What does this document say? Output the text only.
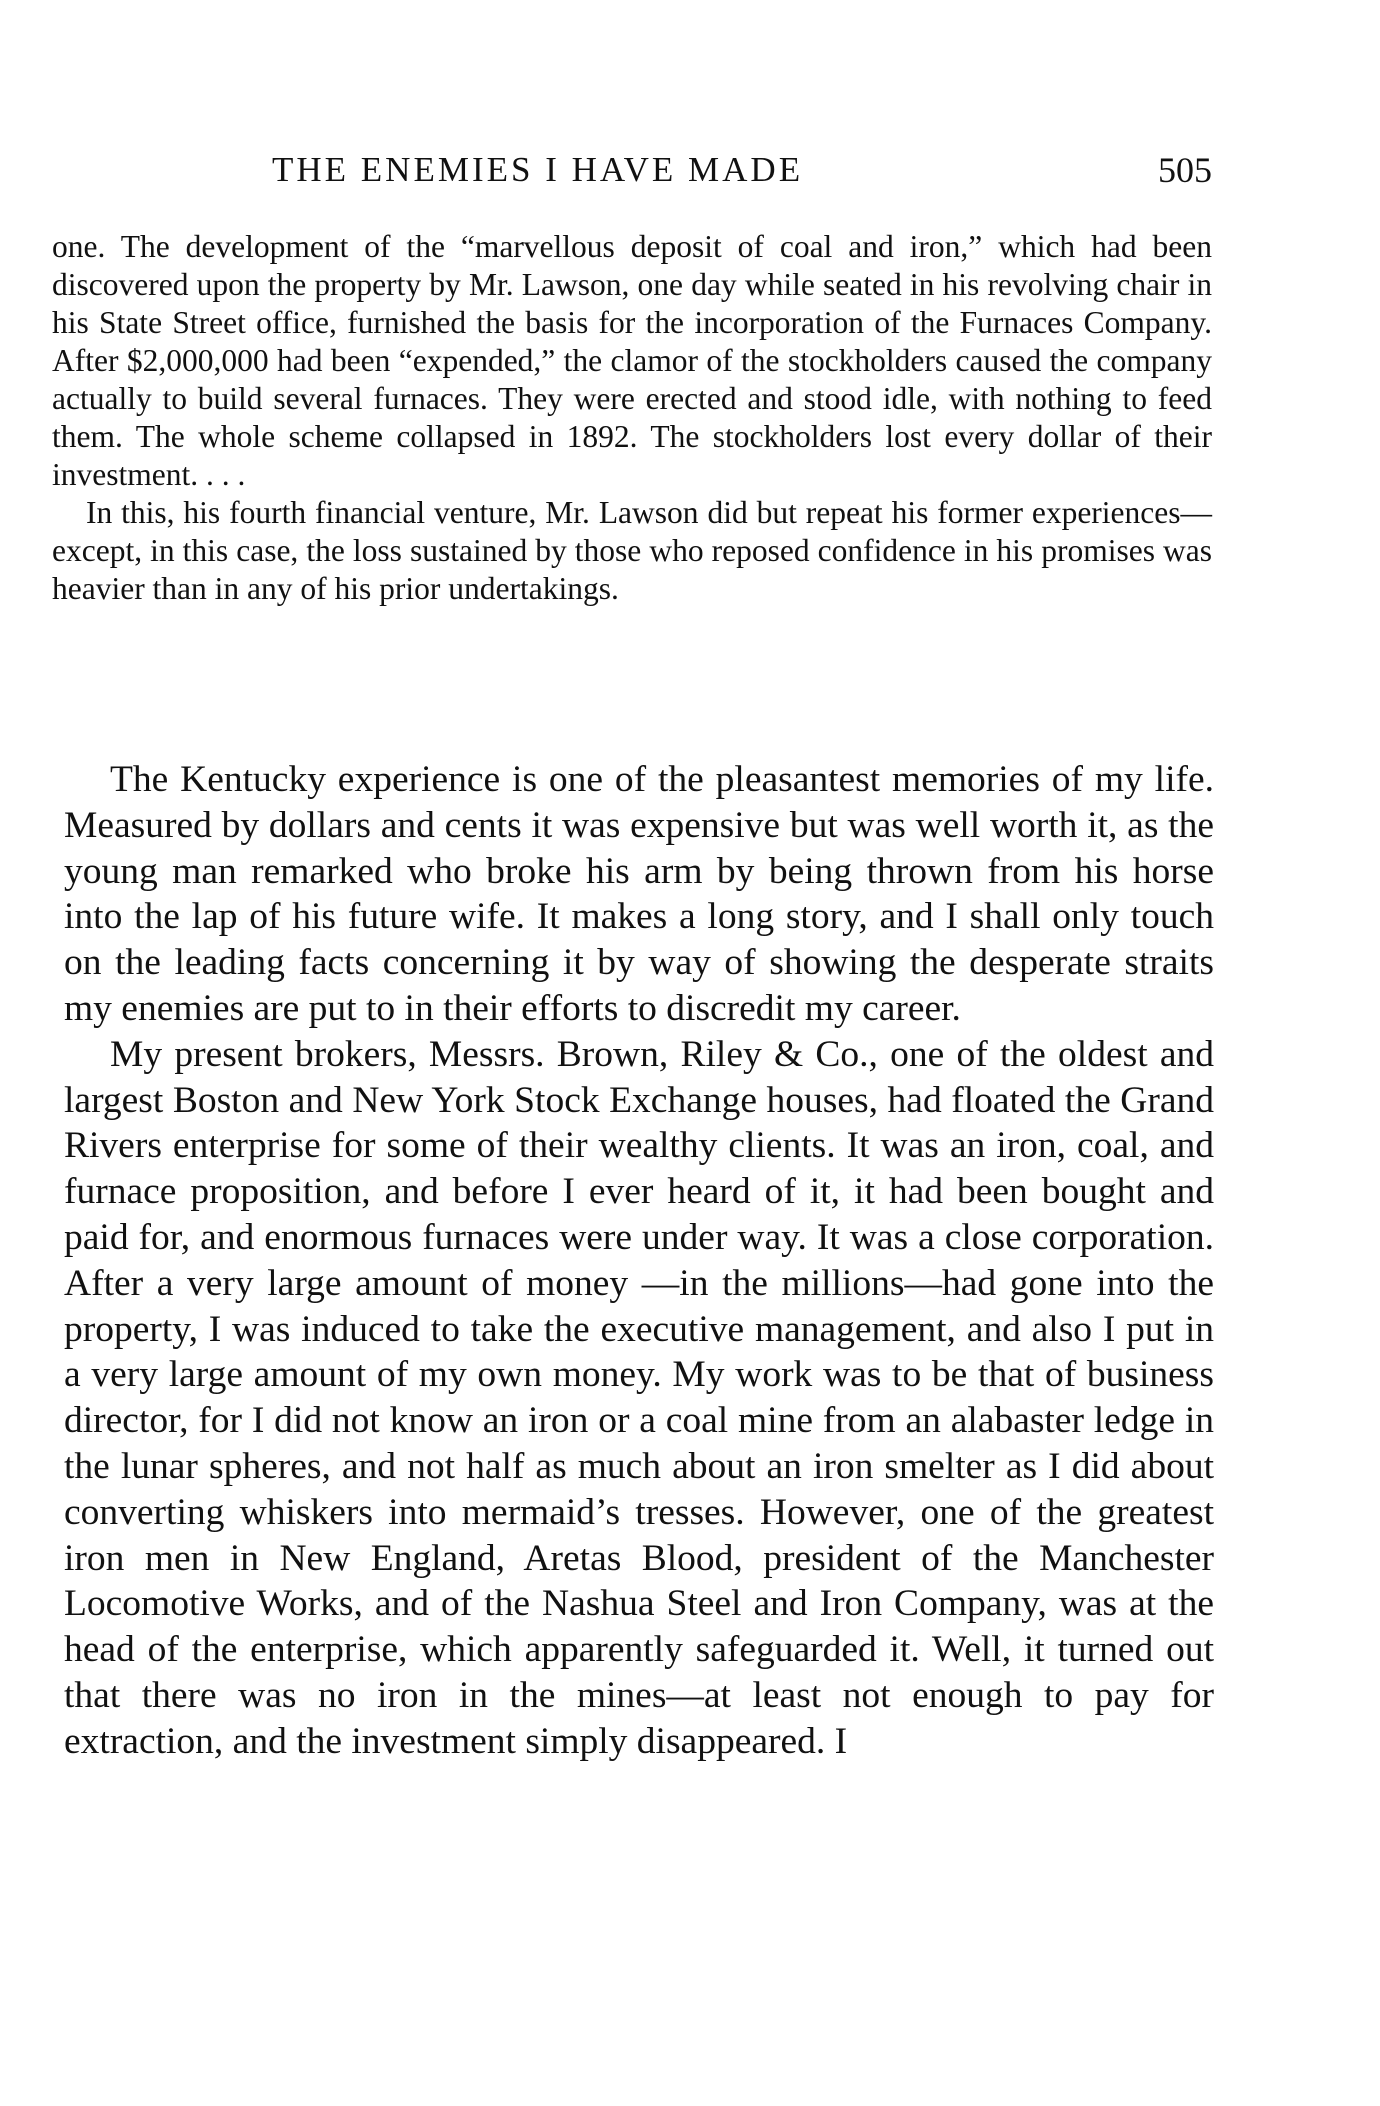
THE ENEMIES I HAVE MADE	505

one. The development of the “marvellous deposit of coal and iron,” which had been discovered upon the property by Mr. Lawson, one day while seated in his revolving chair in his State Street office, furnished the basis for the incorporation of the Furnaces Company. After $2,000,000 had been “expended,” the clamor of the stockholders caused the company actually to build several furnaces. They were erected and stood idle, with nothing to feed them. The whole scheme collapsed in 1892. The stockholders lost every dollar of their investment. . . .

In this, his fourth financial venture, Mr. Lawson did but repeat his former experiences—except, in this case, the loss sustained by those who reposed confidence in his promises was heavier than in any of his prior undertakings.

The Kentucky experience is one of the pleasantest memories of my life. Measured by dollars and cents it was expensive but was well worth it, as the young man remarked who broke his arm by being thrown from his horse into the lap of his future wife. It makes a long story, and I shall only touch on the leading facts concerning it by way of showing the desperate straits my enemies are put to in their efforts to discredit my career.

My present brokers, Messrs. Brown, Riley & Co., one of the oldest and largest Boston and New York Stock Exchange houses, had floated the Grand Rivers enterprise for some of their wealthy clients. It was an iron, coal, and furnace proposition, and before I ever heard of it, it had been bought and paid for, and enormous furnaces were under way. It was a close corporation. After a very large amount of money —in the millions—had gone into the property, I was induced to take the executive management, and also I put in a very large amount of my own money. My work was to be that of business director, for I did not know an iron or a coal mine from an alabaster ledge in the lunar spheres, and not half as much about an iron smelter as I did about converting whiskers into mermaid’s tresses. However, one of the greatest iron men in New England, Aretas Blood, president of the Manchester Locomotive Works, and of the Nashua Steel and Iron Company, was at the head of the enterprise, which apparently safeguarded it. Well, it turned out that there was no iron in the mines—at least not enough to pay for extraction, and the investment simply disappeared. I
